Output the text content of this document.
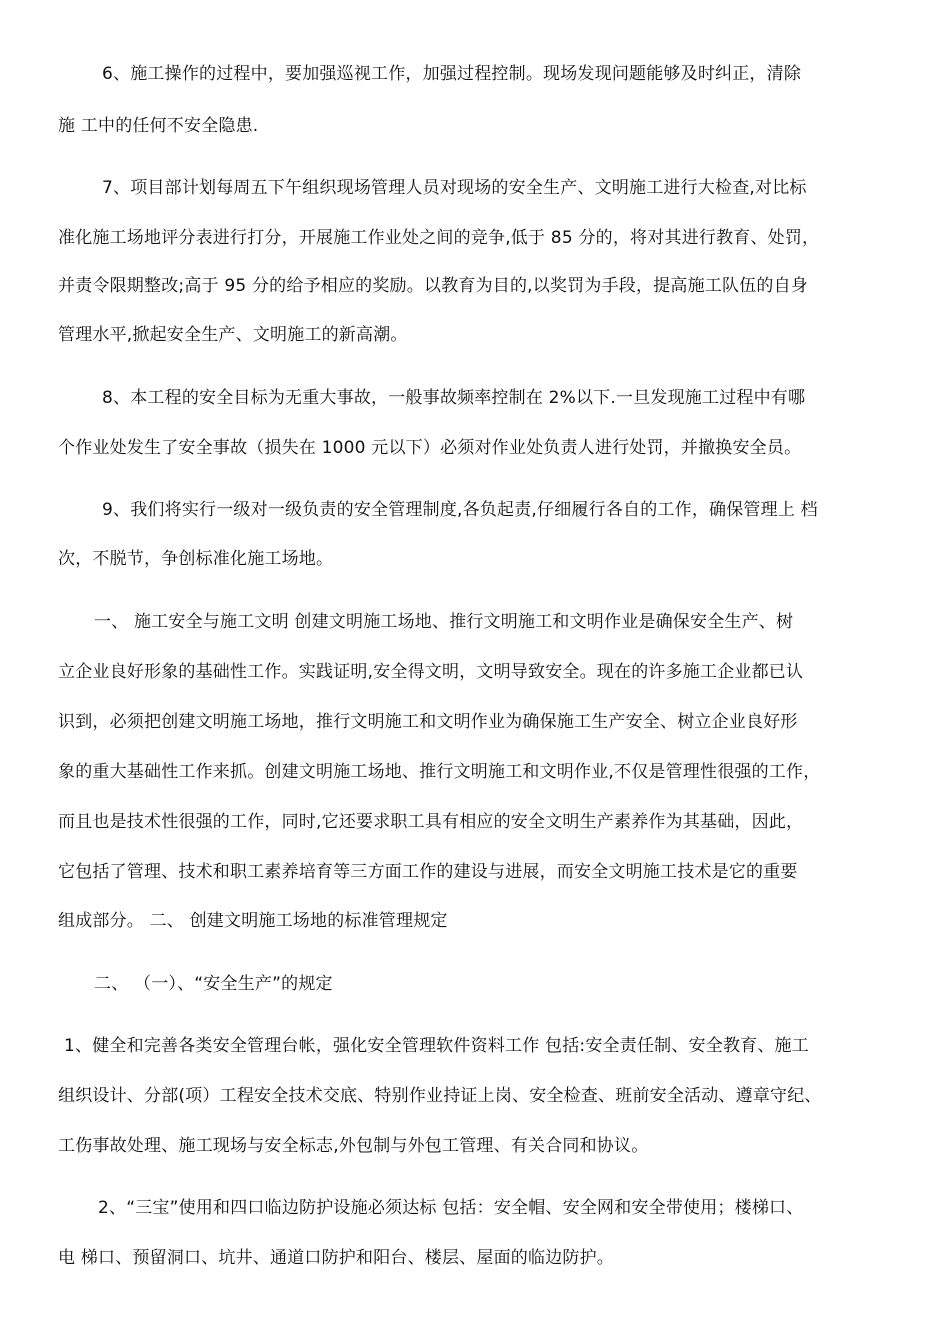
6、施工操作的过程中，要加强巡视工作，加强过程控制。现场发现问题能够及时纠正，清除
施 工中的任何不安全隐患.
7、项目部计划每周五下午组织现场管理人员对现场的安全生产、文明施工进行大检查,对比标
准化施工场地评分表进行打分，开展施工作业处之间的竞争,低于 85 分的，将对其进行教育、处罚，
并责令限期整改;高于 95 分的给予相应的奖励。以教育为目的,以奖罚为手段，提高施工队伍的自身
管理水平,掀起安全生产、文明施工的新高潮。
8、本工程的安全目标为无重大事故，一般事故频率控制在 2%以下.一旦发现施工过程中有哪
个作业处发生了安全事故（损失在 1000 元以下）必须对作业处负责人进行处罚，并撤换安全员。
9、我们将实行一级对一级负责的安全管理制度,各负起责,仔细履行各自的工作，确保管理上 档
次，不脱节，争创标准化施工场地。
一、 施工安全与施工文明 创建文明施工场地、推行文明施工和文明作业是确保安全生产、树
立企业良好形象的基础性工作。实践证明,安全得文明，文明导致安全。现在的许多施工企业都已认
识到，必须把创建文明施工场地，推行文明施工和文明作业为确保施工生产安全、树立企业良好形
象的重大基础性工作来抓。创建文明施工场地、推行文明施工和文明作业,不仅是管理性很强的工作，
而且也是技术性很强的工作，同时,它还要求职工具有相应的安全文明生产素养作为其基础，因此，
它包括了管理、技术和职工素养培育等三方面工作的建设与进展，而安全文明施工技术是它的重要
组成部分。 二、 创建文明施工场地的标准管理规定
二、 （一）、“安全生产”的规定
1、健全和完善各类安全管理台帐，强化安全管理软件资料工作 包括:安全责任制、安全教育、施工
组织设计、分部(项）工程安全技术交底、特别作业持证上岗、安全检查、班前安全活动、遵章守纪、
工伤事故处理、施工现场与安全标志,外包制与外包工管理、有关合同和协议。
2、“三宝”使用和四口临边防护设施必须达标 包括：安全帽、安全网和安全带使用；楼梯口、
电 梯口、预留洞口、坑井、通道口防护和阳台、楼层、屋面的临边防护。
